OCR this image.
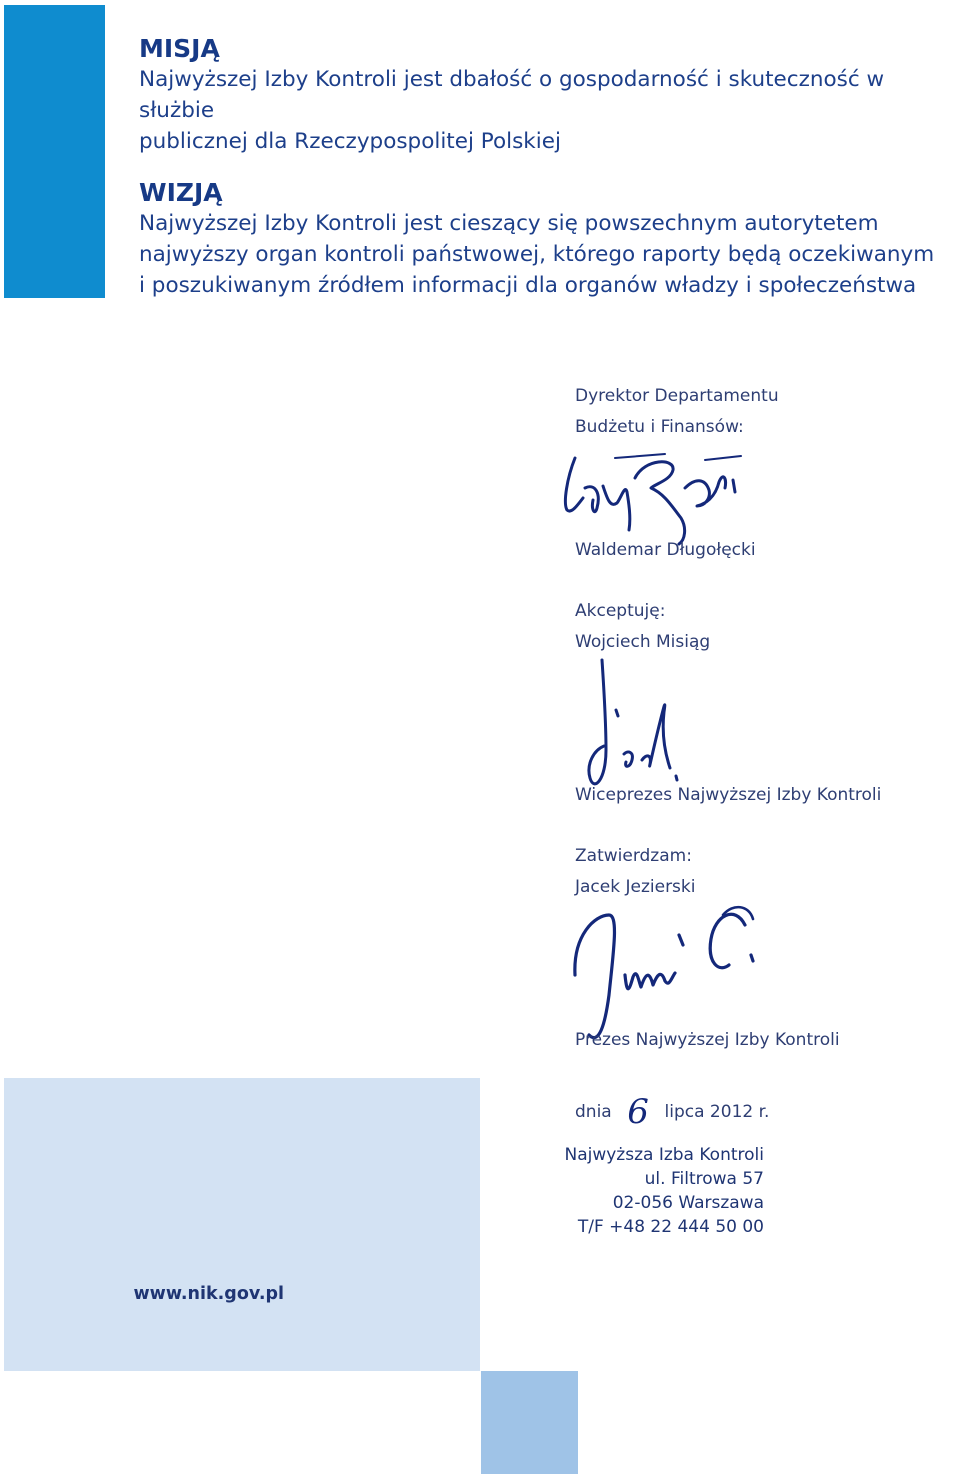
MISJĄ

Najwyższej Izby Kontroli jest dbałość o gospodarność i skuteczność w służbie

publicznej dla Rzeczypospolitej Polskiej

WIZJĄ

Najwyższej Izby Kontroli jest cieszący się powszechnym autorytetem

najwyższy organ kontroli państwowej, którego raporty będą oczekiwanym

i poszukiwanym źródłem informacji dla organów władzy i społeczeństwa

Dyrektor Departamentu
Budżetu i Finansów:
Waldemar Długołęcki
Akceptuję:
Wojciech Misiąg
Wiceprezes Najwyższej Izby Kontroli
Zatwierdzam:
Jacek Jezierski
Prezes Najwyższej Izby Kontroli
dnia 6 lipca 2012 r.
Najwyższa Izba Kontroli
ul. Filtrowa 57
02-056 Warszawa
T/F +48 22 444 50 00
www.nik.gov.pl
